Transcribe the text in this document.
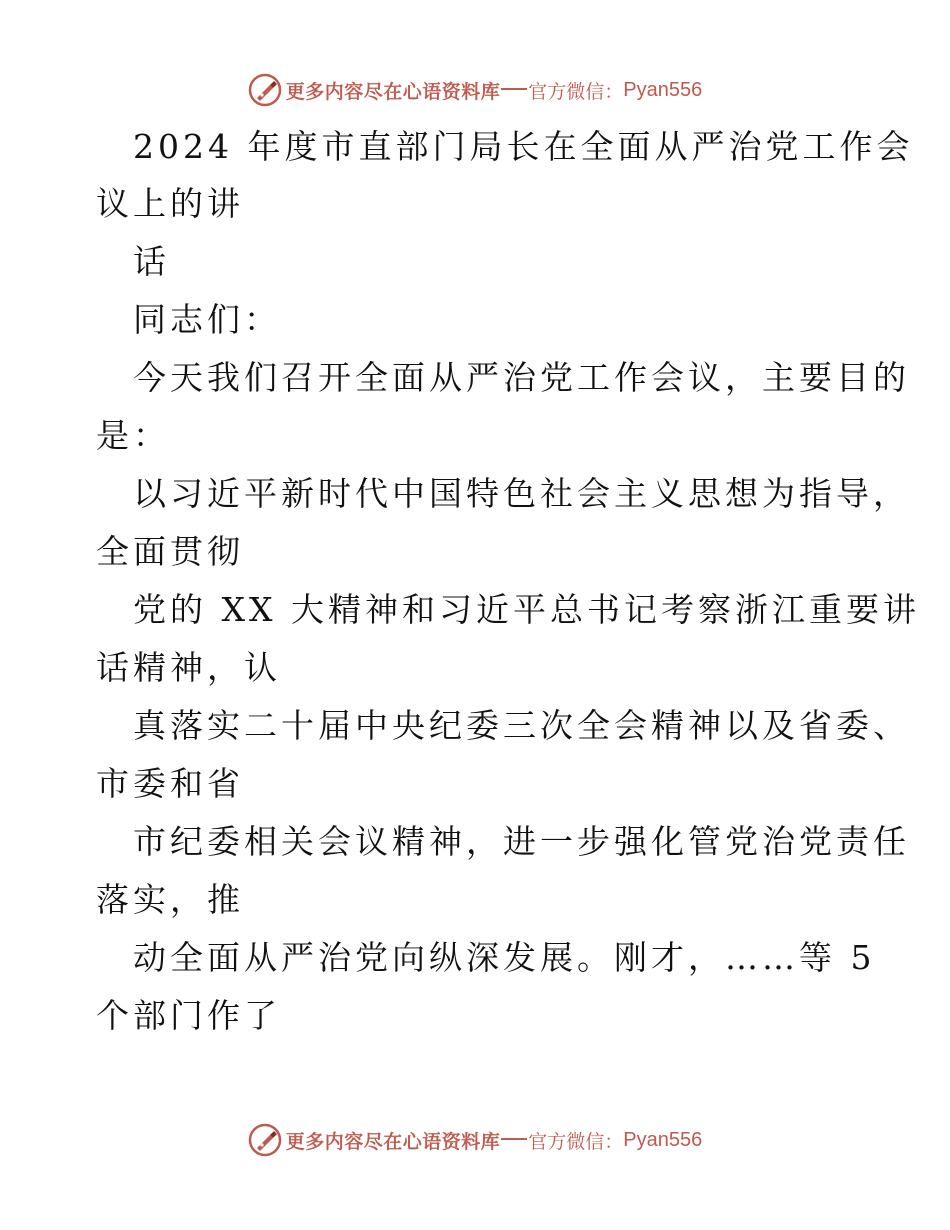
更多内容尽在心语资料库 官方微信： Pyan556
2024 年度市直部门局长在全面从严治党工作会
议上的讲
话
同志们：
今天我们召开全面从严治党工作会议，主要目的
是：
以习近平新时代中国特色社会主义思想为指导，
全面贯彻
党的 XX 大精神和习近平总书记考察浙江重要讲
话精神，认
真落实二十届中央纪委三次全会精神以及省委、
市委和省
市纪委相关会议精神，进一步强化管党治党责任
落实，推
动全面从严治党向纵深发展。刚才，……等 5
个部门作了
更多内容尽在心语资料库 官方微信： Pyan556
